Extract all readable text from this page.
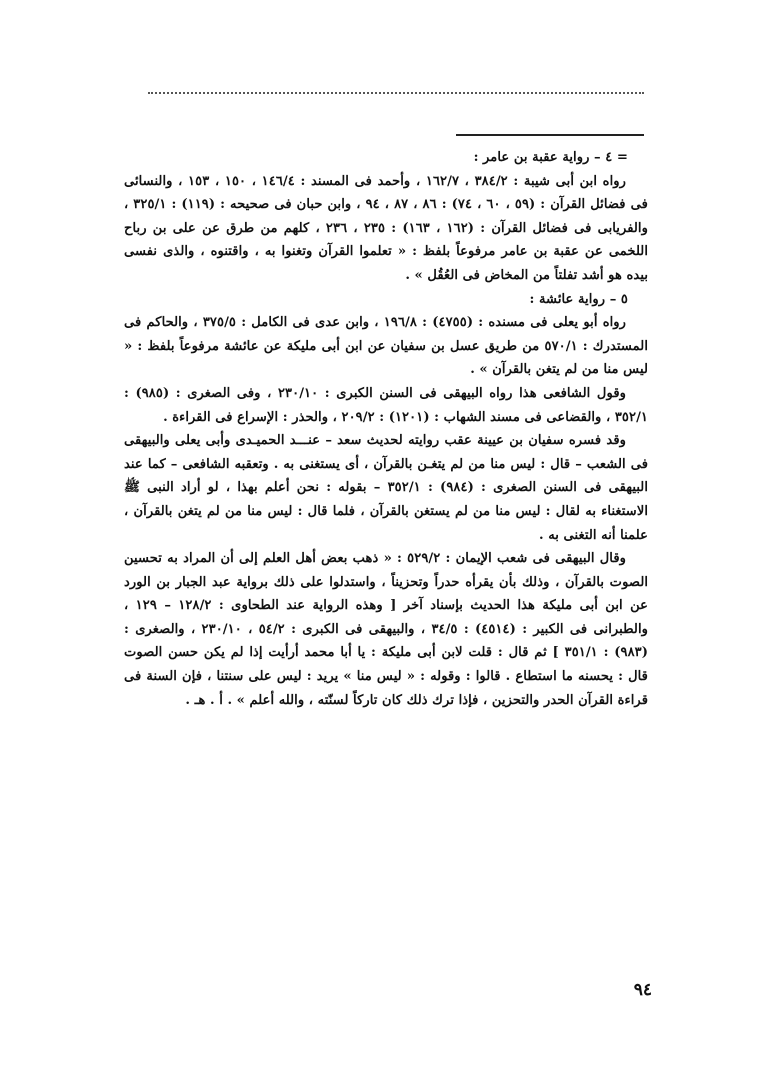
= ٤ – رواية عقبة بن عامر :

رواه ابن أبى شيبة : ٣٨٤/٢ ، ١٦٢/٧ ، وأحمد فى المسند : ١٤٦/٤ ، ١٥٠ ، ١٥٣ ، والنسائى فى فضائل القرآن : (٥٩ ، ٦٠ ، ٧٤) : ٨٦ ، ٨٧ ، ٩٤ ، وابن حبان فى صحيحه : (١١٩) : ٣٢٥/١ ، والفريابى فى فضائل القرآن : (١٦٢ ، ١٦٣) : ٢٣٥ ، ٢٣٦ ، كلهم من طرق عن على بن رباح اللخمى عن عقبة بن عامر مرفوعاً بلفظ : « تعلموا القرآن وتغنوا به ، واقتنوه ، والذى نفسى بيده هو أشد تفلتاً من المخاض فى العُقُل » .

٥ – رواية عائشة :

رواه أبو يعلى فى مسنده : (٤٧٥٥) : ١٩٦/٨ ، وابن عدى فى الكامل : ٣٧٥/٥ ، والحاكم فى المستدرك : ٥٧٠/١ من طريق عسل بن سفيان عن ابن أبى مليكة عن عائشة مرفوعاً بلفظ : « ليس منا من لم يتغن بالقرآن » .

وقول الشافعى هذا رواه البيهقى فى السنن الكبرى : ٢٣٠/١٠ ، وفى الصغرى : (٩٨٥) : ٣٥٢/١ ، والقضاعى فى مسند الشهاب : (١٢٠١) : ٢٠٩/٢ ، والحذر : الإسراع فى القراءة .

وقد فسره سفيان بن عيينة عقب روايته لحديث سعد – عنـــد الحميـدى وأبى يعلى والبيهقى فى الشعب – قال : ليس منا من لم يتغـن بالقرآن ، أى يستغنى به . وتعقبه الشافعى – كما عند البيهقى فى السنن الصغرى : (٩٨٤) : ٣٥٢/١ – بقوله : نحن أعلم بهذا ، لو أراد النبى ﷺ الاستغناء به لقال : ليس منا من لم يستغن بالقرآن ، فلما قال : ليس منا من لم يتغن بالقرآن ، علمنا أنه التغنى به .

وقال البيهقى فى شعب الإيمان : ٥٢٩/٢ : « ذهب بعض أهل العلم إلى أن المراد به تحسين الصوت بالقرآن ، وذلك بأن يقرأه حدراً وتحزيناً ، واستدلوا على ذلك برواية عبد الجبار بن الورد عن ابن أبى مليكة هذا الحديث بإسناد آخر [ وهذه الرواية عند الطحاوى : ١٢٨/٢ – ١٢٩ ، والطبرانى فى الكبير : (٤٥١٤) : ٣٤/٥ ، والبيهقى فى الكبرى : ٥٤/٢ ، ٢٣٠/١٠ ، والصغرى : (٩٨٣) : ٣٥١/١ ] ثم قال : قلت لابن أبى مليكة : يا أبا محمد أرأيت إذا لم يكن حسن الصوت قال : يحسنه ما استطاع . قالوا : وقوله : « ليس منا » يريد : ليس على سنتنا ، فإن السنة فى قراءة القرآن الحدر والتحزين ، فإذا ترك ذلك كان تاركاً لسنّته ، والله أعلم » . أ . هـ .

٩٤
